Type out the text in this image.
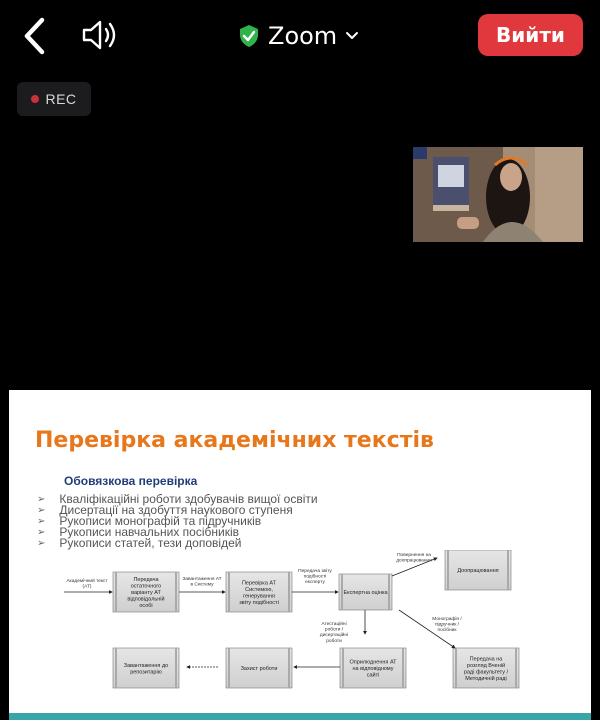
Zoom	Вийти
REC
Перевірка академічних текстів
Обовязкова перевірка
➢ Кваліфікаційні роботи здобувачів вищої освіти
➢ Дисертації на здобуття наукового ступеня
➢ Рукописи монографій та підручників
➢ Рукописи навчальних посібників
➢ Рукописи статей, тези доповідей
Передача
остаточного
варіанту АТ
відповідальній
особі
Перевірка АТ
Системою,
генерування
звіту подібності
Експертна оцінка
Доопрацювання
Оприлюднення АТ
на відповідному
сайті
Захист роботи
Завантаження до
репозитарію
Передача на
розгляд Вченій
раді факультету /
Методичній раді
Академічний текст
(АТ)
Завантаження АТ
в Систему
Передача звіту
подібності
експерту
Повернення на
доопрацювання
Атестаційні
роботи /
дисертаційні
роботи
Монографія /
підручник /
посібник
